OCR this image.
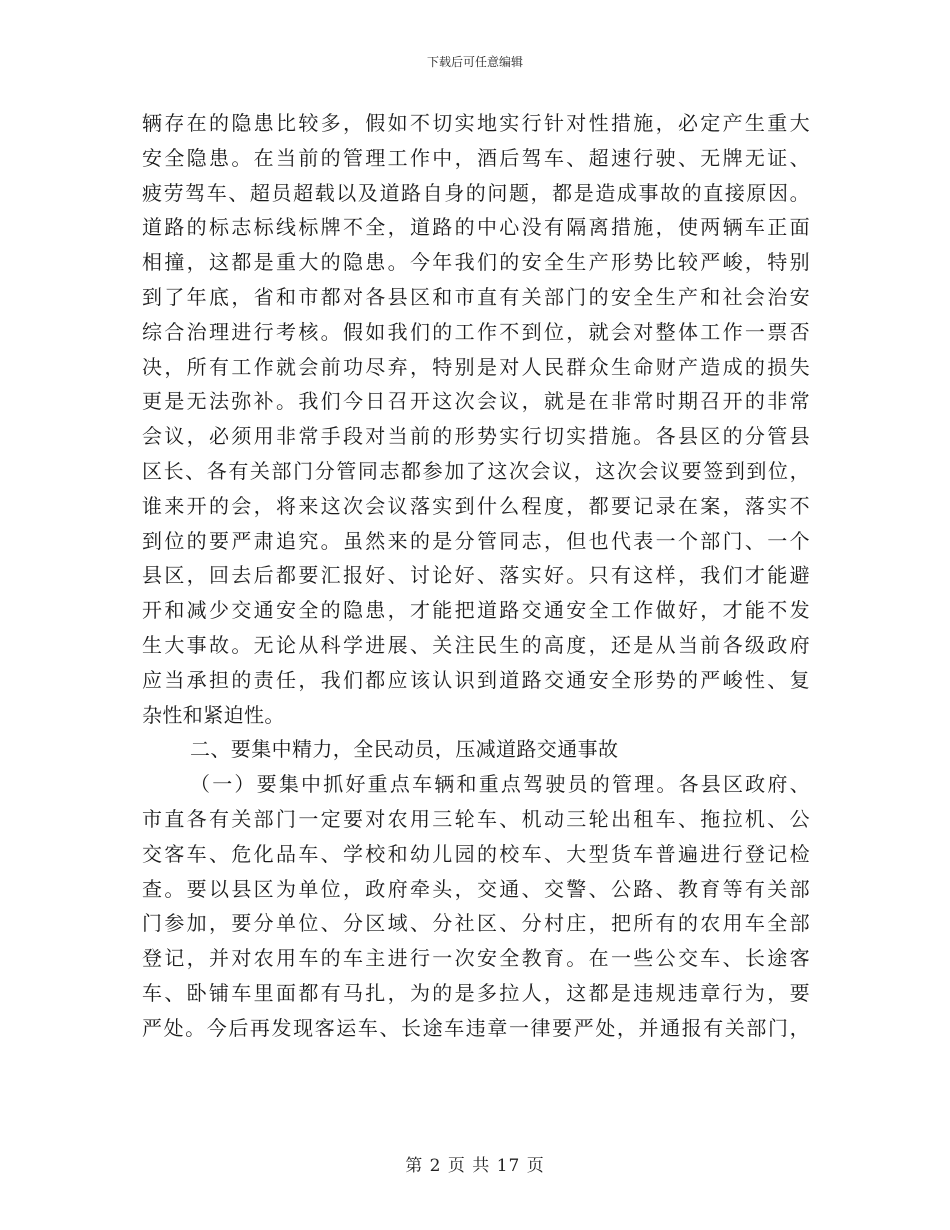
下载后可任意编辑
辆存在的隐患比较多，假如不切实地实行针对性措施，必定产生重大
安全隐患。在当前的管理工作中，酒后驾车、超速行驶、无牌无证、
疲劳驾车、超员超载以及道路自身的问题，都是造成事故的直接原因。
道路的标志标线标牌不全，道路的中心没有隔离措施，使两辆车正面
相撞，这都是重大的隐患。今年我们的安全生产形势比较严峻，特别
到了年底，省和市都对各县区和市直有关部门的安全生产和社会治安
综合治理进行考核。假如我们的工作不到位，就会对整体工作一票否
决，所有工作就会前功尽弃，特别是对人民群众生命财产造成的损失
更是无法弥补。我们今日召开这次会议，就是在非常时期召开的非常
会议，必须用非常手段对当前的形势实行切实措施。各县区的分管县
区长、各有关部门分管同志都参加了这次会议，这次会议要签到到位，
谁来开的会，将来这次会议落实到什么程度，都要记录在案，落实不
到位的要严肃追究。虽然来的是分管同志，但也代表一个部门、一个
县区，回去后都要汇报好、讨论好、落实好。只有这样，我们才能避
开和减少交通安全的隐患，才能把道路交通安全工作做好，才能不发
生大事故。无论从科学进展、关注民生的高度，还是从当前各级政府
应当承担的责任，我们都应该认识到道路交通安全形势的严峻性、复
杂性和紧迫性。
二、要集中精力，全民动员，压减道路交通事故
（一）要集中抓好重点车辆和重点驾驶员的管理。各县区政府、
市直各有关部门一定要对农用三轮车、机动三轮出租车、拖拉机、公
交客车、危化品车、学校和幼儿园的校车、大型货车普遍进行登记检
查。要以县区为单位，政府牵头，交通、交警、公路、教育等有关部
门参加，要分单位、分区域、分社区、分村庄，把所有的农用车全部
登记，并对农用车的车主进行一次安全教育。在一些公交车、长途客
车、卧铺车里面都有马扎，为的是多拉人，这都是违规违章行为，要
严处。今后再发现客运车、长途车违章一律要严处，并通报有关部门，
第 2 页 共 17 页
